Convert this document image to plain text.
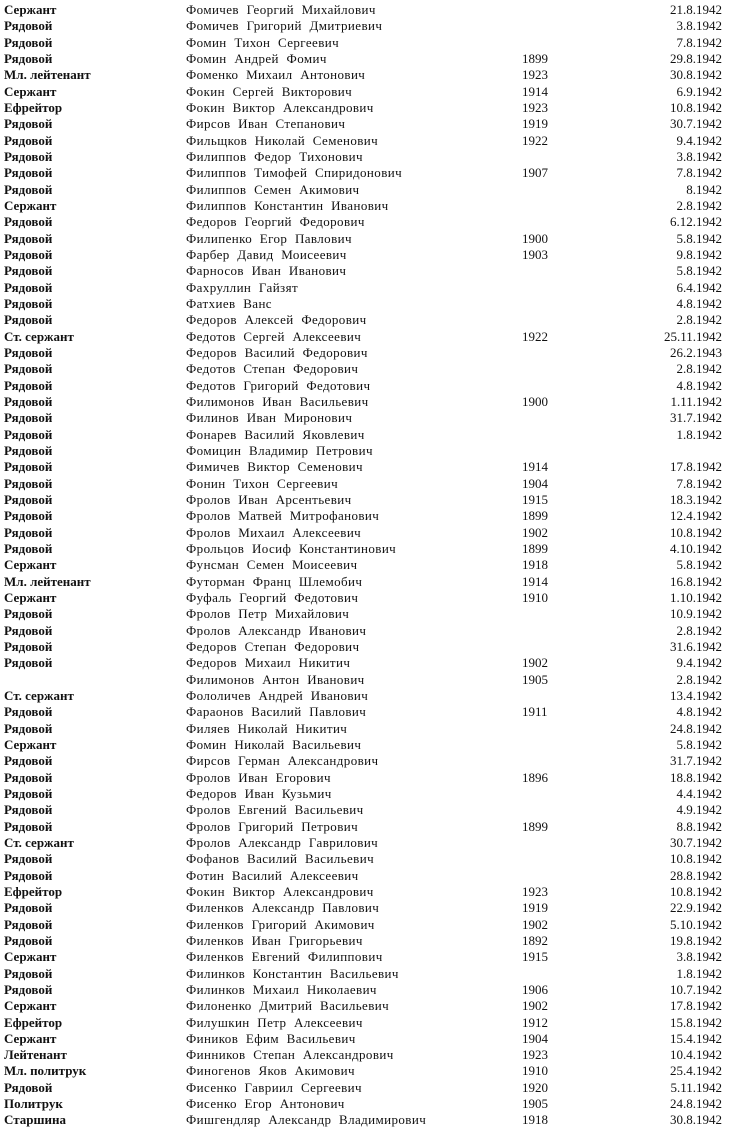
Сержант	Фомичев Георгий Михайлович	21.8.1942
Рядовой	Фомичев Григорий Дмитриевич	3.8.1942
Рядовой	Фомин Тихон Сергеевич	7.8.1942
Рядовой	Фомин Андрей Фомич	1899	29.8.1942
Мл. лейтенант	Фоменко Михаил Антонович	1923	30.8.1942
Сержант	Фокин Сергей Викторович	1914	6.9.1942
Ефрейтор	Фокин Виктор Александрович	1923	10.8.1942
Рядовой	Фирсов Иван Степанович	1919	30.7.1942
Рядовой	Фильщков Николай Семенович	1922	9.4.1942
Рядовой	Филиппов Федор Тихонович	3.8.1942
Рядовой	Филиппов Тимофей Спиридонович	1907	7.8.1942
Рядовой	Филиппов Семен Акимович	8.1942
Сержант	Филиппов Константин Иванович	2.8.1942
Рядовой	Федоров Георгий Федорович	6.12.1942
Рядовой	Филипенко Егор Павлович	1900	5.8.1942
Рядовой	Фарбер Давид Моисеевич	1903	9.8.1942
Рядовой	Фарносов Иван Иванович	5.8.1942
Рядовой	Фахруллин Гайзят	6.4.1942
Рядовой	Фатхиев Ванс	4.8.1942
Рядовой	Федоров Алексей Федорович	2.8.1942
Ст. сержант	Федотов Сергей Алексеевич	1922	25.11.1942
Рядовой	Федоров Василий Федорович	26.2.1943
Рядовой	Федотов Степан Федорович	2.8.1942
Рядовой	Федотов Григорий Федотович	4.8.1942
Рядовой	Филимонов Иван Васильевич	1900	1.11.1942
Рядовой	Филинов Иван Миронович	31.7.1942
Рядовой	Фонарев Василий Яковлевич	1.8.1942
Рядовой	Фомицин Владимир Петрович
Рядовой	Фимичев Виктор Семенович	1914	17.8.1942
Рядовой	Фонин Тихон Сергеевич	1904	7.8.1942
Рядовой	Фролов Иван Арсентьевич	1915	18.3.1942
Рядовой	Фролов Матвей Митрофанович	1899	12.4.1942
Рядовой	Фролов Михаил Алексеевич	1902	10.8.1942
Рядовой	Фрольцов Иосиф Константинович	1899	4.10.1942
Сержант	Фунсман Семен Моисеевич	1918	5.8.1942
Мл. лейтенант	Футорман Франц Шлемобич	1914	16.8.1942
Сержант	Фуфаль Георгий Федотович	1910	1.10.1942
Рядовой	Фролов Петр Михайлович	10.9.1942
Рядовой	Фролов Александр Иванович	2.8.1942
Рядовой	Федоров Степан Федорович	31.6.1942
Рядовой	Федоров Михаил Никитич	1902	9.4.1942
Филимонов Антон Иванович	1905	2.8.1942
Ст. сержант	Фололичев Андрей Иванович	13.4.1942
Рядовой	Фараонов Василий Павлович	1911	4.8.1942
Рядовой	Филяев Николай Никитич	24.8.1942
Сержант	Фомин Николай Васильевич	5.8.1942
Рядовой	Фирсов Герман Александрович	31.7.1942
Рядовой	Фролов Иван Егорович	1896	18.8.1942
Рядовой	Федоров Иван Кузьмич	4.4.1942
Рядовой	Фролов Евгений Васильевич	4.9.1942
Рядовой	Фролов Григорий Петрович	1899	8.8.1942
Ст. сержант	Фролов Александр Гаврилович	30.7.1942
Рядовой	Фофанов Василий Васильевич	10.8.1942
Рядовой	Фотин Василий Алексеевич	28.8.1942
Ефрейтор	Фокин Виктор Александрович	1923	10.8.1942
Рядовой	Филенков Александр Павлович	1919	22.9.1942
Рядовой	Филенков Григорий Акимович	1902	5.10.1942
Рядовой	Филенков Иван Григорьевич	1892	19.8.1942
Сержант	Филенков Евгений Филиппович	1915	3.8.1942
Рядовой	Филинков Константин Васильевич	1.8.1942
Рядовой	Филинков Михаил Николаевич	1906	10.7.1942
Сержант	Филоненко Дмитрий Васильевич	1902	17.8.1942
Ефрейтор	Филушкин Петр Алексеевич	1912	15.8.1942
Сержант	Фиников Ефим Васильевич	1904	15.4.1942
Лейтенант	Финников Степан Александрович	1923	10.4.1942
Мл. политрук	Финогенов Яков Акимович	1910	25.4.1942
Рядовой	Фисенко Гавриил Сергеевич	1920	5.11.1942
Политрук	Фисенко Егор Антонович	1905	24.8.1942
Старшина	Фишгендляр Александр Владимирович	1918	30.8.1942
